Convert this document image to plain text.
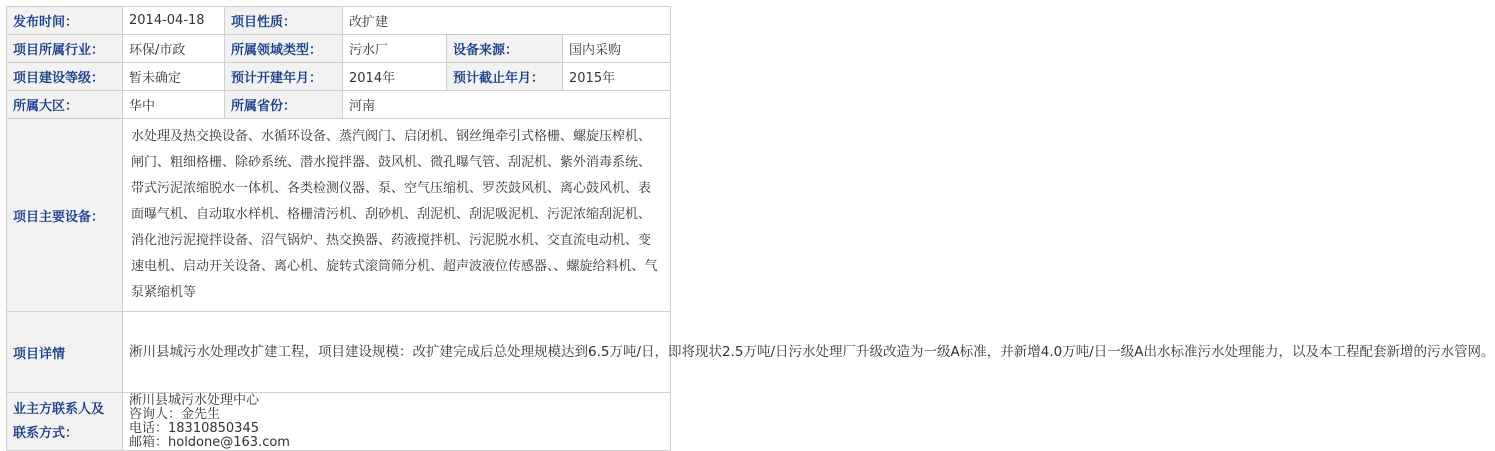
发布时间：	2014-04-18	项目性质：	改扩建		
项目所属行业：	环保/市政	所属领域类型：	污水厂	设备来源：	国内采购
项目建设等级：	暂未确定	预计开建年月：	2014年	预计截止年月：	2015年
所属大区：	华中	所属省份：	河南		
项目主要设备：	水处理及热交换设备、水循环设备、蒸汽阀门、启闭机、钢丝绳牵引式格栅、螺旋压榨机、闸门、粗细格栅、除砂系统、潜水搅拌器、鼓风机、微孔曝气管、刮泥机、紫外消毒系统、带式污泥浓缩脱水一体机、各类检测仪器、泵、空气压缩机、罗茨鼓风机、离心鼓风机、表面曝气机、自动取水样机、格栅清污机、刮砂机、刮泥机、刮泥吸泥机、污泥浓缩刮泥机、消化池污泥搅拌设备、沼气锅炉、热交换器、药液搅拌机、污泥脱水机、交直流电动机、变速电机、启动开关设备、离心机、旋转式滚筒筛分机、超声波液位传感器、、螺旋给料机、气泵紧缩机等				
项目详情	淅川县城污水处理改扩建工程，项目建设规模：改扩建完成后总处理规模达到6.5万吨/日，即将现状2.5万吨/日污水处理厂升级改造为一级A标准，并新增4.0万吨/日一级A出水标准污水处理能力，以及本工程配套新增的污水管网。				
业主方联系人及联系方式：	淅川县城污水处理中心
咨询人：金先生
电话：18310850345
邮箱：holdone@163.com				
